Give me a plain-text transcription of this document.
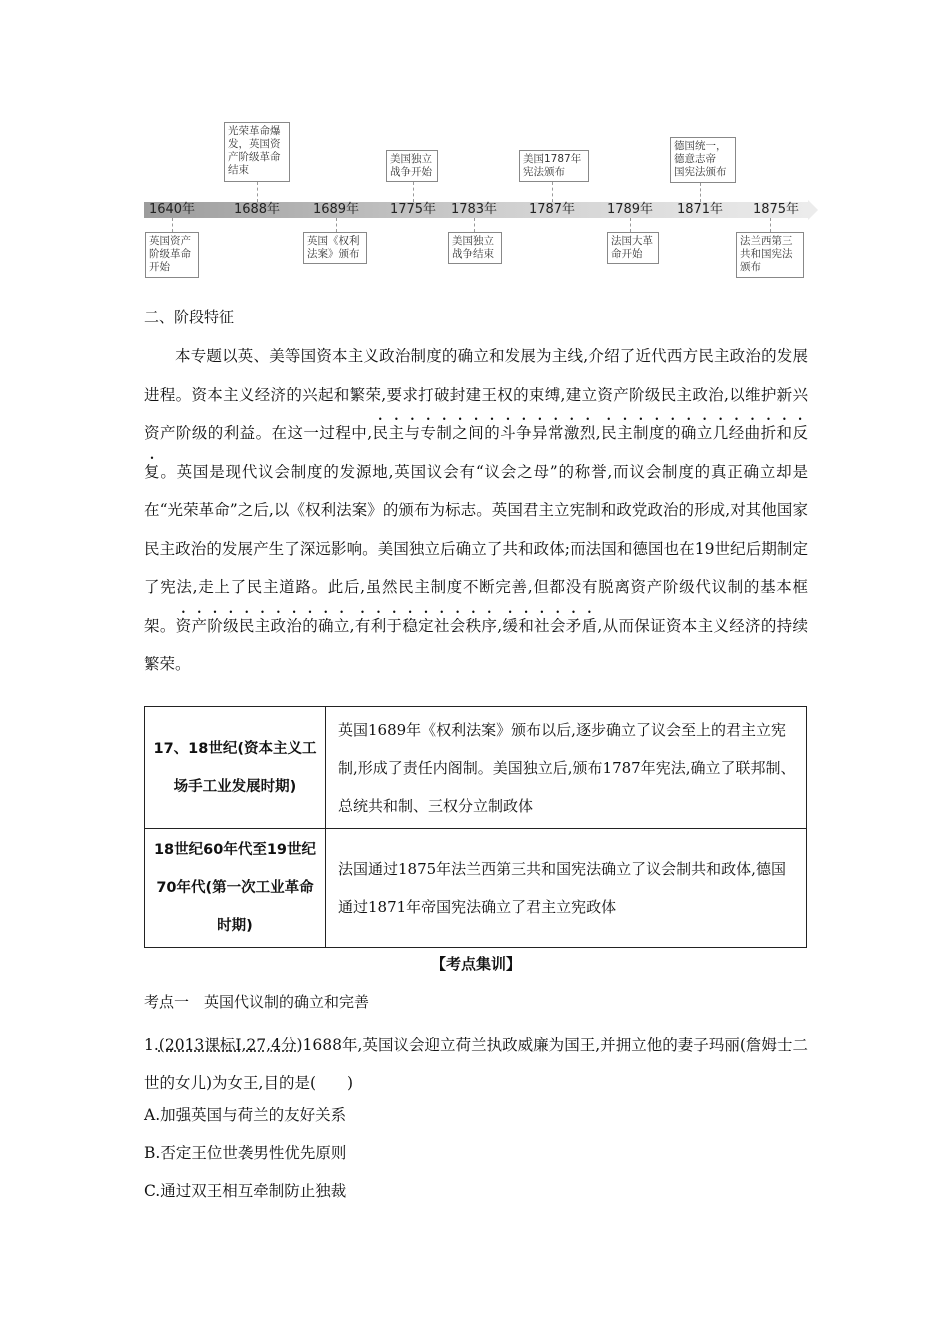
1640年	1688年	1689年 1775年 1783年 1787年 1789年 1871年 1875年
光荣革命爆
发，英国资
产阶级革命
结束
美国独立
战争开始
美国1787年
宪法颁布
德国统一，
德意志帝
国宪法颁布
英国资产
阶级革命
开始
英国《权利
法案》颁布
美国独立
战争结束
法国大革
命开始
法兰西第三
共和国宪法
颁布
二、阶段特征
本专题以英、美等国资本主义政治制度的确立和发展为主线,介绍了近代西方民主政治的发展进程。资本主义经济的兴起和繁荣,要求打破封建王权的束缚,建立资产阶级民主政治,以维护新兴资产阶级的利益。在这一过程中,民主与专制之间的斗争异常激烈,民主制度的确立几经曲折和反复。英国是现代议会制度的发源地,英国议会有“议会之母”的称誉,而议会制度的真正确立却是在“光荣革命”之后,以《权利法案》的颁布为标志。英国君主立宪制和政党政治的形成,对其他国家民主政治的发展产生了深远影响。美国独立后确立了共和政体;而法国和德国也在19世纪后期制定了宪法,走上了民主道路。此后,虽然民主制度不断完善,但都没有脱离资产阶级代议制的基本框架。资产阶级民主政治的确立,有利于稳定社会秩序,缓和社会矛盾,从而保证资本主义经济的持续繁荣。
17、18世纪(资本主义工场手工业发展时期)	英国1689年《权利法案》颁布以后,逐步确立了议会至上的君主立宪制,形成了责任内阁制。美国独立后,颁布1787年宪法,确立了联邦制、总统共和制、三权分立制政体
18世纪60年代至19世纪70年代(第一次工业革命时期)	法国通过1875年法兰西第三共和国宪法确立了议会制共和政体,德国通过1871年帝国宪法确立了君主立宪政体
【考点集训】
考点一　英国代议制的确立和完善
1.(2013课标Ⅰ,27,4分)1688年,英国议会迎立荷兰执政威廉为国王,并拥立他的妻子玛丽(詹姆士二世的女儿)为女王,目的是(　　)
A.加强英国与荷兰的友好关系
B.否定王位世袭男性优先原则
C.通过双王相互牵制防止独裁
